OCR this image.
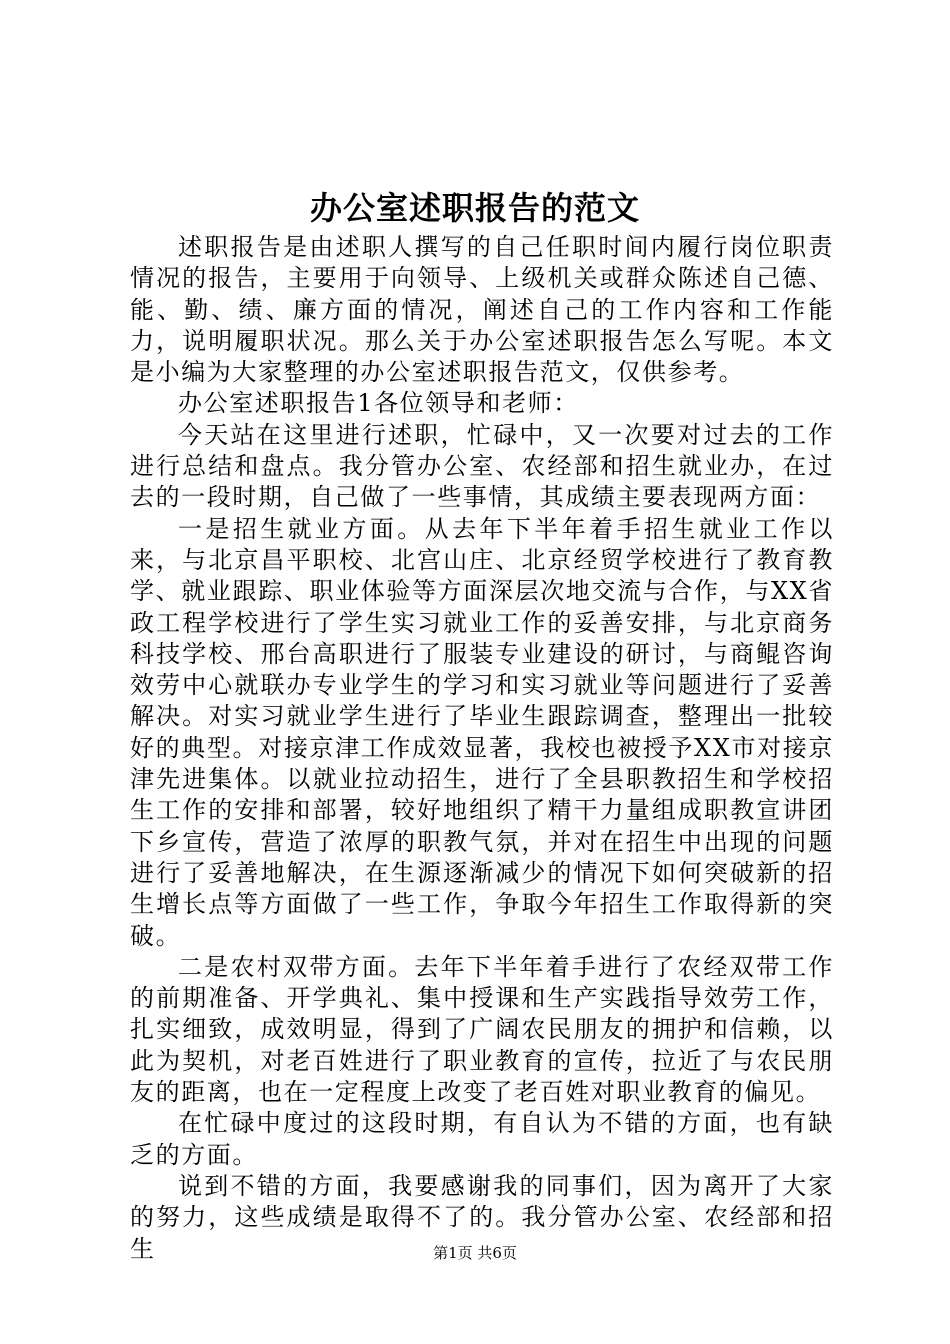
办公室述职报告的范文

述职报告是由述职人撰写的自己任职时间内履行岗位职责情况的报告，主要用于向领导、上级机关或群众陈述自己德、能、勤、绩、廉方面的情况，阐述自己的工作内容和工作能力，说明履职状况。那么关于办公室述职报告怎么写呢。本文是小编为大家整理的办公室述职报告范文，仅供参考。

办公室述职报告1各位领导和老师：

今天站在这里进行述职，忙碌中，又一次要对过去的工作进行总结和盘点。我分管办公室、农经部和招生就业办，在过去的一段时期，自己做了一些事情，其成绩主要表现两方面：

一是招生就业方面。从去年下半年着手招生就业工作以来，与北京昌平职校、北宫山庄、北京经贸学校进行了教育教学、就业跟踪、职业体验等方面深层次地交流与合作，与XX省政工程学校进行了学生实习就业工作的妥善安排，与北京商务科技学校、邢台高职进行了服装专业建设的研讨，与商鲲咨询效劳中心就联办专业学生的学习和实习就业等问题进行了妥善解决。对实习就业学生进行了毕业生跟踪调查，整理出一批较好的典型。对接京津工作成效显著，我校也被授予XX市对接京津先进集体。以就业拉动招生，进行了全县职教招生和学校招生工作的安排和部署，较好地组织了精干力量组成职教宣讲团下乡宣传，营造了浓厚的职教气氛，并对在招生中出现的问题进行了妥善地解决，在生源逐渐减少的情况下如何突破新的招生增长点等方面做了一些工作，争取今年招生工作取得新的突破。

二是农村双带方面。去年下半年着手进行了农经双带工作的前期准备、开学典礼、集中授课和生产实践指导效劳工作，扎实细致，成效明显，得到了广阔农民朋友的拥护和信赖，以此为契机，对老百姓进行了职业教育的宣传，拉近了与农民朋友的距离，也在一定程度上改变了老百姓对职业教育的偏见。

在忙碌中度过的这段时期，有自认为不错的方面，也有缺乏的方面。

说到不错的方面，我要感谢我的同事们，因为离开了大家的努力，这些成绩是取得不了的。我分管办公室、农经部和招生	第1页 共6页
